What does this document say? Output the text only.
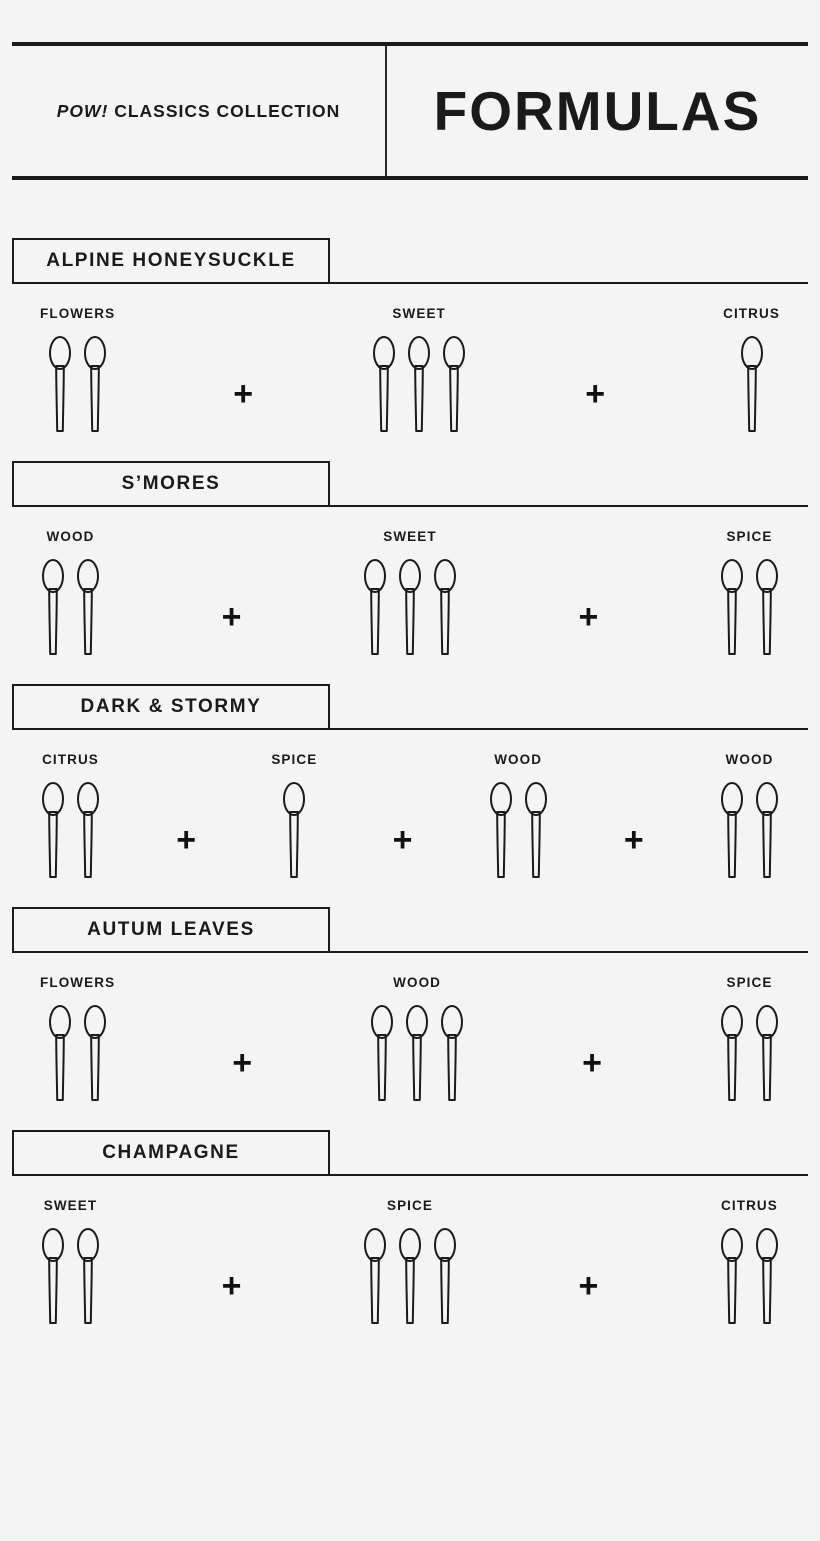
POW! CLASSICS COLLECTION FORMULAS
ALPINE HONEYSUCKLE
FLOWERS
+
SWEET
+
CITRUS
S’MORES
WOOD
+
SWEET
+
SPICE
DARK & STORMY
CITRUS
+
SPICE
+
WOOD
+
WOOD
AUTUM LEAVES
FLOWERS
+
WOOD
+
SPICE
CHAMPAGNE
SWEET
+
SPICE
+
CITRUS
